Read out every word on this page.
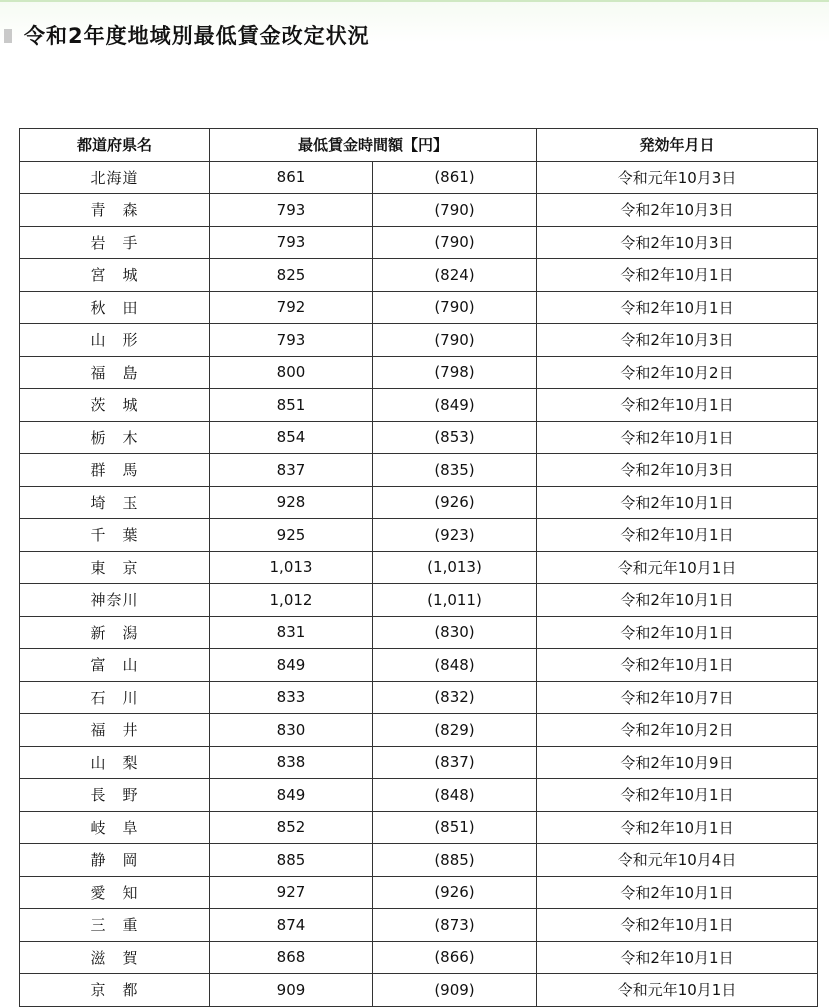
令和2年度地域別最低賃金改定状況
都道府県名	最低賃金時間額【円】		発効年月日
北海道	861	(861)	令和元年10月3日
青　森	793	(790)	令和2年10月3日
岩　手	793	(790)	令和2年10月3日
宮　城	825	(824)	令和2年10月1日
秋　田	792	(790)	令和2年10月1日
山　形	793	(790)	令和2年10月3日
福　島	800	(798)	令和2年10月2日
茨　城	851	(849)	令和2年10月1日
栃　木	854	(853)	令和2年10月1日
群　馬	837	(835)	令和2年10月3日
埼　玉	928	(926)	令和2年10月1日
千　葉	925	(923)	令和2年10月1日
東　京	1,013	(1,013)	令和元年10月1日
神奈川	1,012	(1,011)	令和2年10月1日
新　潟	831	(830)	令和2年10月1日
富　山	849	(848)	令和2年10月1日
石　川	833	(832)	令和2年10月7日
福　井	830	(829)	令和2年10月2日
山　梨	838	(837)	令和2年10月9日
長　野	849	(848)	令和2年10月1日
岐　阜	852	(851)	令和2年10月1日
静　岡	885	(885)	令和元年10月4日
愛　知	927	(926)	令和2年10月1日
三　重	874	(873)	令和2年10月1日
滋　賀	868	(866)	令和2年10月1日
京　都	909	(909)	令和元年10月1日
